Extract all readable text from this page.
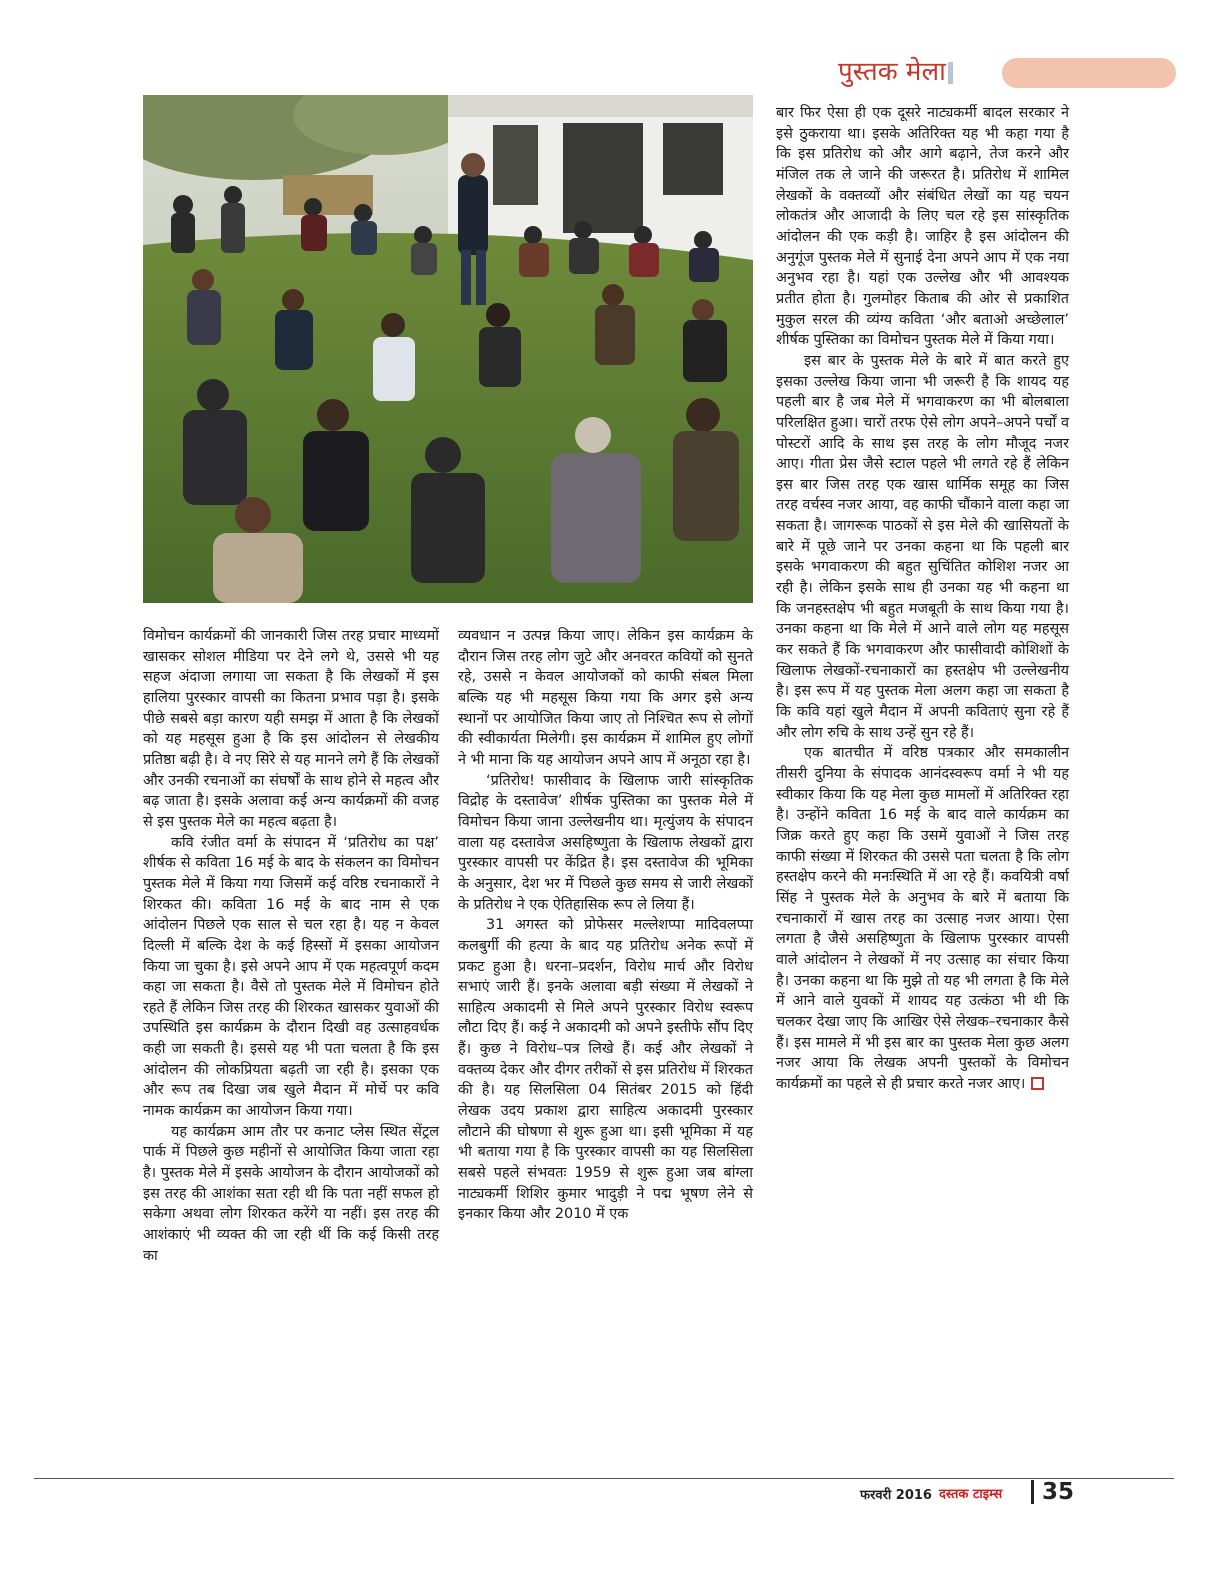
पुस्तक मेला

विमोचन कार्यक्रमों की जानकारी जिस तरह प्रचार माध्यमों खासकर सोशल मीडिया पर देने लगे थे, उससे भी यह सहज अंदाजा लगाया जा सकता है कि लेखकों में इस हालिया पुरस्कार वापसी का कितना प्रभाव पड़ा है। इसके पीछे सबसे बड़ा कारण यही समझ में आता है कि लेखकों को यह महसूस हुआ है कि इस आंदोलन से लेखकीय प्रतिष्ठा बढ़ी है। वे नए सिरे से यह मानने लगे हैं कि लेखकों और उनकी रचनाओं का संघर्षों के साथ होने से महत्व और बढ़ जाता है। इसके अलावा कई अन्य कार्यक्रमों की वजह से इस पुस्तक मेले का महत्व बढ़ता है।

कवि रंजीत वर्मा के संपादन में ‘प्रतिरोध का पक्ष’ शीर्षक से कविता 16 मई के बाद के संकलन का विमोचन पुस्तक मेले में किया गया जिसमें कई वरिष्ठ रचनाकारों ने शिरकत की। कविता 16 मई के बाद नाम से एक आंदोलन पिछले एक साल से चल रहा है। यह न केवल दिल्ली में बल्कि देश के कई हिस्सों में इसका आयोजन किया जा चुका है। इसे अपने आप में एक महत्वपूर्ण कदम कहा जा सकता है। वैसे तो पुस्तक मेले में विमोचन होते रहते हैं लेकिन जिस तरह की शिरकत खासकर युवाओं की उपस्थिति इस कार्यक्रम के दौरान दिखी वह उत्साहवर्धक कही जा सकती है। इससे यह भी पता चलता है कि इस आंदोलन की लोकप्रियता बढ़ती जा रही है। इसका एक और रूप तब दिखा जब खुले मैदान में मोर्चे पर कवि नामक कार्यक्रम का आयोजन किया गया।

यह कार्यक्रम आम तौर पर कनाट प्लेस स्थित सेंट्रल पार्क में पिछले कुछ महीनों से आयोजित किया जाता रहा है। पुस्तक मेले में इसके आयोजन के दौरान आयोजकों को इस तरह की आशंका सता रही थी कि पता नहीं सफल हो सकेगा अथवा लोग शिरकत करेंगे या नहीं। इस तरह की आशंकाएं भी व्यक्त की जा रही थीं कि कई किसी तरह का

व्यवधान न उत्पन्न किया जाए। लेकिन इस कार्यक्रम के दौरान जिस तरह लोग जुटे और अनवरत कवियों को सुनते रहे, उससे न केवल आयोजकों को काफी संबल मिला बल्कि यह भी महसूस किया गया कि अगर इसे अन्य स्थानों पर आयोजित किया जाए तो निश्चित रूप से लोगों की स्वीकार्यता मिलेगी। इस कार्यक्रम में शामिल हुए लोगों ने भी माना कि यह आयोजन अपने आप में अनूठा रहा है।

‘प्रतिरोध! फासीवाद के खिलाफ जारी सांस्कृतिक विद्रोह के दस्तावेज’ शीर्षक पुस्तिका का पुस्तक मेले में विमोचन किया जाना उल्लेखनीय था। मृत्युंजय के संपादन वाला यह दस्तावेज असहिष्णुता के खिलाफ लेखकों द्वारा पुरस्कार वापसी पर केंद्रित है। इस दस्तावेज की भूमिका के अनुसार, देश भर में पिछले कुछ समय से जारी लेखकों के प्रतिरोध ने एक ऐतिहासिक रूप ले लिया हैं।

31 अगस्त को प्रोफेसर मल्लेशप्पा मादिवलप्पा कलबुर्गी की हत्या के बाद यह प्रतिरोध अनेक रूपों में प्रकट हुआ है। धरना–प्रदर्शन, विरोध मार्च और विरोध सभाएं जारी हैं। इनके अलावा बड़ी संख्या में लेखकों ने साहित्य अकादमी से मिले अपने पुरस्कार विरोध स्वरूप लौटा दिए हैं। कई ने अकादमी को अपने इस्तीफे सौंप दिए हैं। कुछ ने विरोध–पत्र लिखे हैं। कई और लेखकों ने वक्तव्य देकर और दीगर तरीकों से इस प्रतिरोध में शिरकत की है। यह सिलसिला 04 सितंबर 2015 को हिंदी लेखक उदय प्रकाश द्वारा साहित्य अकादमी पुरस्कार लौटाने की घोषणा से शुरू हुआ था। इसी भूमिका में यह भी बताया गया है कि पुरस्कार वापसी का यह सिलसिला सबसे पहले संभवतः 1959 से शुरू हुआ जब बांग्ला नाट्यकर्मी शिशिर कुमार भादुड़ी ने पद्म भूषण लेने से इनकार किया और 2010 में एक

बार फिर ऐसा ही एक दूसरे नाट्यकर्मी बादल सरकार ने इसे ठुकराया था। इसके अतिरिक्त यह भी कहा गया है कि इस प्रतिरोध को और आगे बढ़ाने, तेज करने और मंजिल तक ले जाने की जरूरत है। प्रतिरोध में शामिल लेखकों के वक्तव्यों और संबंधित लेखों का यह चयन लोकतंत्र और आजादी के लिए चल रहे इस सांस्कृतिक आंदोलन की एक कड़ी है। जाहिर है इस आंदोलन की अनुगूंज पुस्तक मेले में सुनाई देना अपने आप में एक नया अनुभव रहा है। यहां एक उल्लेख और भी आवश्यक प्रतीत होता है। गुलमोहर किताब की ओर से प्रकाशित मुकुल सरल की व्यंग्य कविता ‘और बताओ अच्छेलाल’ शीर्षक पुस्तिका का विमोचन पुस्तक मेले में किया गया।

इस बार के पुस्तक मेले के बारे में बात करते हुए इसका उल्लेख किया जाना भी जरूरी है कि शायद यह पहली बार है जब मेले में भगवाकरण का भी बोलबाला परिलक्षित हुआ। चारों तरफ ऐसे लोग अपने–अपने पर्चों व पोस्टरों आदि के साथ इस तरह के लोग मौजूद नजर आए। गीता प्रेस जैसे स्टाल पहले भी लगते रहे हैं लेकिन इस बार जिस तरह एक खास धार्मिक समूह का जिस तरह वर्चस्व नजर आया, वह काफी चौंकाने वाला कहा जा सकता है। जागरूक पाठकों से इस मेले की खासियतों के बारे में पूछे जाने पर उनका कहना था कि पहली बार इसके भगवाकरण की बहुत सुचिंतित कोशिश नजर आ रही है। लेकिन इसके साथ ही उनका यह भी कहना था कि जनहस्तक्षेप भी बहुत मजबूती के साथ किया गया है। उनका कहना था कि मेले में आने वाले लोग यह महसूस कर सकते हैं कि भगवाकरण और फासीवादी कोशिशों के खिलाफ लेखकों-रचनाकारों का हस्तक्षेप भी उल्लेखनीय है। इस रूप में यह पुस्तक मेला अलग कहा जा सकता है कि कवि यहां खुले मैदान में अपनी कविताएं सुना रहे हैं और लोग रुचि के साथ उन्हें सुन रहे हैं।

एक बातचीत में वरिष्ठ पत्रकार और समकालीन तीसरी दुनिया के संपादक आनंदस्वरूप वर्मा ने भी यह स्वीकार किया कि यह मेला कुछ मामलों में अतिरिक्त रहा है। उन्होंने कविता 16 मई के बाद वाले कार्यक्रम का जिक्र करते हुए कहा कि उसमें युवाओं ने जिस तरह काफी संख्या में शिरकत की उससे पता चलता है कि लोग हस्तक्षेप करने की मनःस्थिति में आ रहे हैं। कवयित्री वर्षा सिंह ने पुस्तक मेले के अनुभव के बारे में बताया कि रचनाकारों में खास तरह का उत्साह नजर आया। ऐसा लगता है जैसे असहिष्णुता के खिलाफ पुरस्कार वापसी वाले आंदोलन ने लेखकों में नए उत्साह का संचार किया है। उनका कहना था कि मुझे तो यह भी लगता है कि मेले में आने वाले युवकों में शायद यह उत्कंठा भी थी कि चलकर देखा जाए कि आखिर ऐसे लेखक–रचनाकार कैसे हैं। इस मामले में भी इस बार का पुस्तक मेला कुछ अलग नजर आया कि लेखक अपनी पुस्तकों के विमोचन कार्यक्रमों का पहले से ही प्रचार करते नजर आए।

फरवरी 2016 दस्तक टाइम्स 35
